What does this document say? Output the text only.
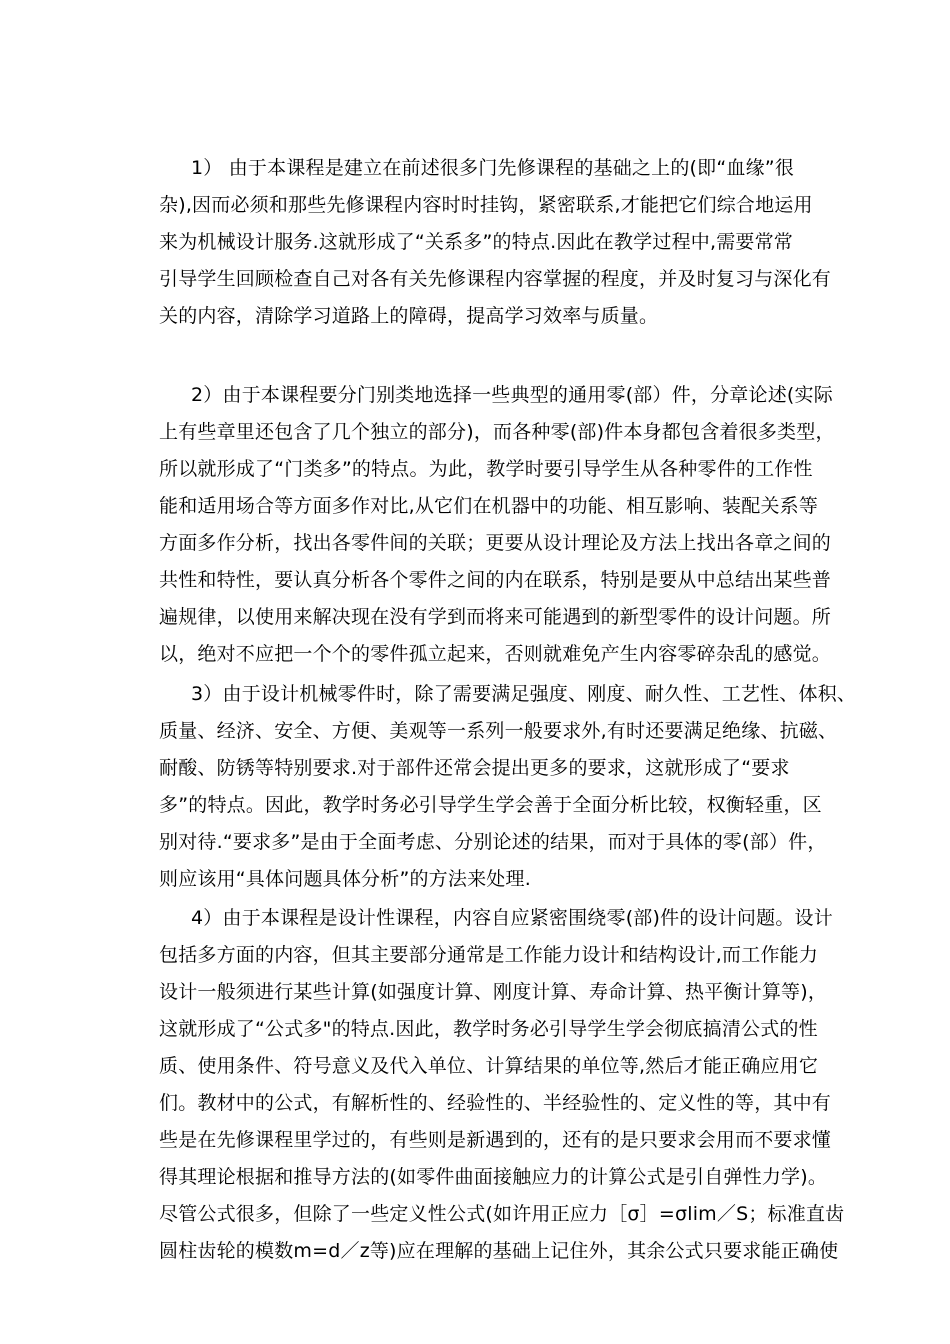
1） 由于本课程是建立在前述很多门先修课程的基础之上的(即“血缘”很
杂),因而必须和那些先修课程内容时时挂钩，紧密联系,才能把它们综合地运用
来为机械设计服务.这就形成了“关系多”的特点.因此在教学过程中,需要常常
引导学生回顾检查自己对各有关先修课程内容掌握的程度，并及时复习与深化有
关的内容，清除学习道路上的障碍，提高学习效率与质量。
2）由于本课程要分门别类地选择一些典型的通用零(部）件，分章论述(实际
上有些章里还包含了几个独立的部分)，而各种零(部)件本身都包含着很多类型，
所以就形成了“门类多”的特点。为此，教学时要引导学生从各种零件的工作性
能和适用场合等方面多作对比,从它们在机器中的功能、相互影响、装配关系等
方面多作分析，找出各零件间的关联；更要从设计理论及方法上找出各章之间的
共性和特性，要认真分析各个零件之间的内在联系，特别是要从中总结出某些普
遍规律，以使用来解决现在没有学到而将来可能遇到的新型零件的设计问题。所
以，绝对不应把一个个的零件孤立起来，否则就难免产生内容零碎杂乱的感觉。
3）由于设计机械零件时，除了需要满足强度、刚度、耐久性、工艺性、体积、
质量、经济、安全、方便、美观等一系列一般要求外,有时还要满足绝缘、抗磁、
耐酸、防锈等特别要求.对于部件还常会提出更多的要求，这就形成了“要求
多”的特点。因此，教学时务必引导学生学会善于全面分析比较，权衡轻重，区
别对待.“要求多”是由于全面考虑、分别论述的结果，而对于具体的零(部）件，
则应该用“具体问题具体分析”的方法来处理.
4）由于本课程是设计性课程，内容自应紧密围绕零(部)件的设计问题。设计
包括多方面的内容，但其主要部分通常是工作能力设计和结构设计,而工作能力
设计一般须进行某些计算(如强度计算、刚度计算、寿命计算、热平衡计算等)，
这就形成了“公式多"的特点.因此，教学时务必引导学生学会彻底搞清公式的性
质、使用条件、符号意义及代入单位、计算结果的单位等,然后才能正确应用它
们。教材中的公式，有解析性的、经验性的、半经验性的、定义性的等，其中有
些是在先修课程里学过的，有些则是新遇到的，还有的是只要求会用而不要求懂
得其理论根据和推导方法的(如零件曲面接触应力的计算公式是引自弹性力学)。
尽管公式很多，但除了一些定义性公式(如许用正应力［σ］=σlim／S；标准直齿
圆柱齿轮的模数m=d／z等)应在理解的基础上记住外，其余公式只要求能正确使
